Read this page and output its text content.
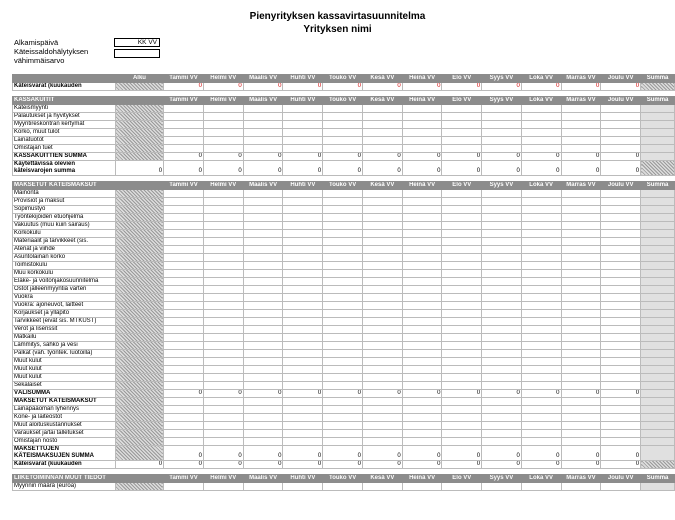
Pienyrityksen kassavirtasuunnitelma
Yrityksen nimi
Alkamispäivä	KK VV
Käteissaldohälytyksen
vähimmäisarvo
	Alku	Tammi VV	Helmi VV	Maalis VV	Huhti VV	Touko VV	Kesä VV	Heinä VV	Elo VV	Syys VV	Loka VV	Marras VV	Joulu VV	Summa
Käteisvarat (kuukauden		0	0	0	0	0	0	0	0	0	0	0	0	

KASSAKUITIT		Tammi VV	Helmi VV	Maalis VV	Huhti VV	Touko VV	Kesä VV	Heinä VV	Elo VV	Syys VV	Loka VV	Marras VV	Joulu VV	Summa
Käteismyynti														
Palautukset ja hyvitykset														
Myyntireskontran kertymät														
Korko, muut tulot														
Lainatuotot														
Omistajan tuet														
KASSAKUITTIEN SUMMA		0	0	0	0	0	0	0	0	0	0	0	0	

Käytettävissä olevien
käteisvarojen summa	0	0	0	0	0	0	0	0	0	0	0	0	0	

MAKSETUT KÄTEISMAKSUT		Tammi VV	Helmi VV	Maalis VV	Huhti VV	Touko VV	Kesä VV	Heinä VV	Elo VV	Syys VV	Loka VV	Marras VV	Joulu VV	Summa
Mainonta														
Provisiot ja maksut														
Sopimustyö														
Työntekijöiden etuohjelma														
Vakuutus (muu kuin sairaus)														
Korkokulu														
Materiaalit ja tarvikkeet (sis.														
Ateriat ja viihde														
Asuntolainan korko														
Toimistokulu														
Muu korkokulu														
Eläke- ja voitonjakosuunnitelma														
Ostot jälleenmyyntiä varten														
Vuokra														
Vuokra: ajoneuvot, laitteet														
Korjaukset ja ylläpito														
Tarvikkeet (eivät sis. MTKUST)														
Verot ja lisenssit														
Matkailu														
Lämmitys, sähkö ja vesi														
Palkat (vah. työntek. luotoilla)														
Muut kulut														
Muut kulut														
Muut kulut														
Sekalaiset														
VÄLISUMMA		0	0	0	0	0	0	0	0	0	0	0	0	
MAKSETUT KÄTEISMAKSUT														
Lainapääoman lyhennys														
Kone- ja laiteostot														
Muut aloituskustannukset														
Varaukset ja/tai talletukset														
Omistajan nosto														

MAKSETTUJEN
KÄTEISMAKSUJEN SUMMA		0	0	0	0	0	0	0	0	0	0	0	0	
Käteisvarat (kuukauden	0	0	0	0	0	0	0	0	0	0	0	0	0	

LIIKETOIMINNAN MUUT TIEDOT		Tammi VV	Helmi VV	Maalis VV	Huhti VV	Touko VV	Kesä VV	Heinä VV	Elo VV	Syys VV	Loka VV	Marras VV	Joulu VV	Summa
Myynnin määrä (euroa)														
